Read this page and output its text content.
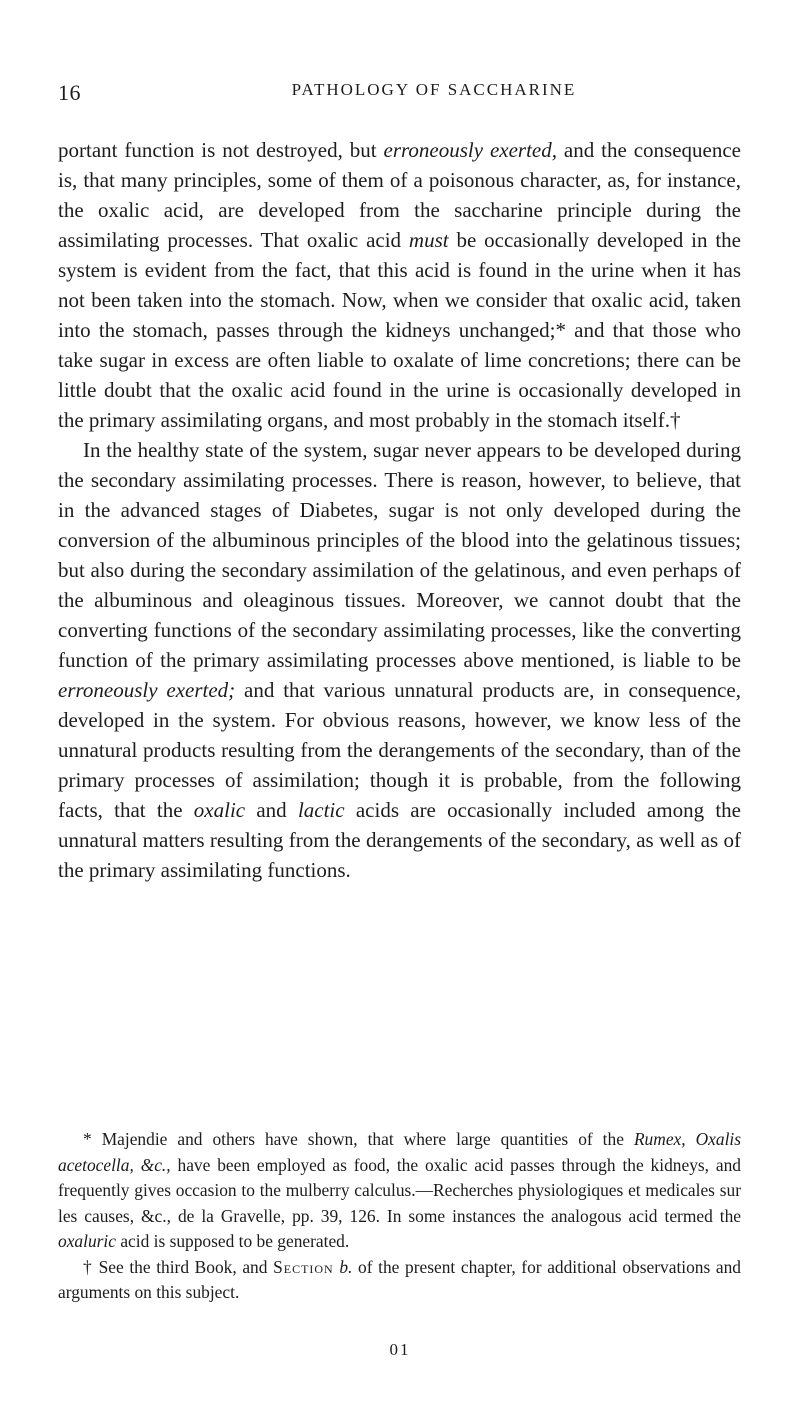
16	PATHOLOGY OF SACCHARINE

portant function is not destroyed, but erroneously exerted, and the consequence is, that many principles, some of them of a poisonous character, as, for instance, the oxalic acid, are developed from the saccharine principle during the assimilating processes. That oxalic acid must be occasionally developed in the system is evident from the fact, that this acid is found in the urine when it has not been taken into the stomach. Now, when we consider that oxalic acid, taken into the stomach, passes through the kidneys unchanged;* and that those who take sugar in excess are often liable to oxalate of lime concretions; there can be little doubt that the oxalic acid found in the urine is occasionally developed in the primary assimilating organs, and most probably in the stomach itself.†

In the healthy state of the system, sugar never appears to be developed during the secondary assimilating processes. There is reason, however, to believe, that in the advanced stages of Diabetes, sugar is not only developed during the conversion of the albuminous principles of the blood into the gelatinous tissues; but also during the secondary assimilation of the gelatinous, and even perhaps of the albuminous and oleaginous tissues. Moreover, we cannot doubt that the converting functions of the secondary assimilating processes, like the converting function of the primary assimilating processes above mentioned, is liable to be erroneously exerted; and that various unnatural products are, in consequence, developed in the system. For obvious reasons, however, we know less of the unnatural products resulting from the derangements of the secondary, than of the primary processes of assimilation; though it is probable, from the following facts, that the oxalic and lactic acids are occasionally included among the unnatural matters resulting from the derangements of the secondary, as well as of the primary assimilating functions.

* Majendie and others have shown, that where large quantities of the Rumex, Oxalis acetocella, &c., have been employed as food, the oxalic acid passes through the kidneys, and frequently gives occasion to the mulberry calculus.—Recherches physiologiques et medicales sur les causes, &c., de la Gravelle, pp. 39, 126. In some instances the analogous acid termed the oxaluric acid is supposed to be generated.

† See the third Book, and Section b. of the present chapter, for additional observations and arguments on this subject.

01
